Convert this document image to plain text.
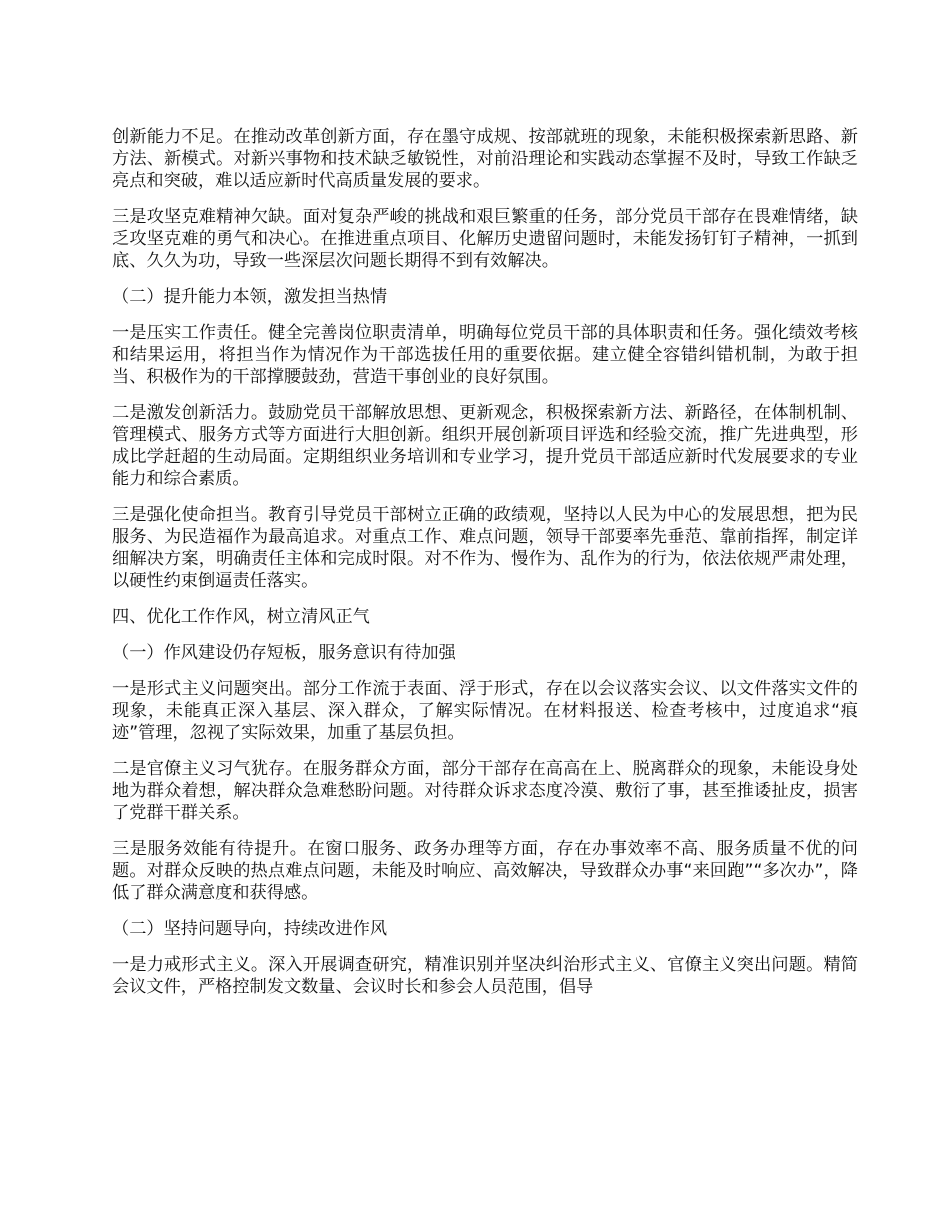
创新能力不足。在推动改革创新方面，存在墨守成规、按部就班的现象，未能积极探索新思路、新方法、新模式。对新兴事物和技术缺乏敏锐性，对前沿理论和实践动态掌握不及时，导致工作缺乏亮点和突破，难以适应新时代高质量发展的要求。

三是攻坚克难精神欠缺。面对复杂严峻的挑战和艰巨繁重的任务，部分党员干部存在畏难情绪，缺乏攻坚克难的勇气和决心。在推进重点项目、化解历史遗留问题时，未能发扬钉钉子精神，一抓到底、久久为功，导致一些深层次问题长期得不到有效解决。

（二）提升能力本领，激发担当热情

一是压实工作责任。健全完善岗位职责清单，明确每位党员干部的具体职责和任务。强化绩效考核和结果运用，将担当作为情况作为干部选拔任用的重要依据。建立健全容错纠错机制，为敢于担当、积极作为的干部撑腰鼓劲，营造干事创业的良好氛围。

二是激发创新活力。鼓励党员干部解放思想、更新观念，积极探索新方法、新路径，在体制机制、管理模式、服务方式等方面进行大胆创新。组织开展创新项目评选和经验交流，推广先进典型，形成比学赶超的生动局面。定期组织业务培训和专业学习，提升党员干部适应新时代发展要求的专业能力和综合素质。

三是强化使命担当。教育引导党员干部树立正确的政绩观，坚持以人民为中心的发展思想，把为民服务、为民造福作为最高追求。对重点工作、难点问题，领导干部要率先垂范、靠前指挥，制定详细解决方案，明确责任主体和完成时限。对不作为、慢作为、乱作为的行为，依法依规严肃处理，以硬性约束倒逼责任落实。

四、优化工作作风，树立清风正气

（一）作风建设仍存短板，服务意识有待加强

一是形式主义问题突出。部分工作流于表面、浮于形式，存在以会议落实会议、以文件落实文件的现象，未能真正深入基层、深入群众，了解实际情况。在材料报送、检查考核中，过度追求“痕迹”管理，忽视了实际效果，加重了基层负担。

二是官僚主义习气犹存。在服务群众方面，部分干部存在高高在上、脱离群众的现象，未能设身处地为群众着想，解决群众急难愁盼问题。对待群众诉求态度冷漠、敷衍了事，甚至推诿扯皮，损害了党群干群关系。

三是服务效能有待提升。在窗口服务、政务办理等方面，存在办事效率不高、服务质量不优的问题。对群众反映的热点难点问题，未能及时响应、高效解决，导致群众办事“来回跑”“多次办”，降低了群众满意度和获得感。

（二）坚持问题导向，持续改进作风

一是力戒形式主义。深入开展调查研究，精准识别并坚决纠治形式主义、官僚主义突出问题。精简会议文件，严格控制发文数量、会议时长和参会人员范围，倡导
